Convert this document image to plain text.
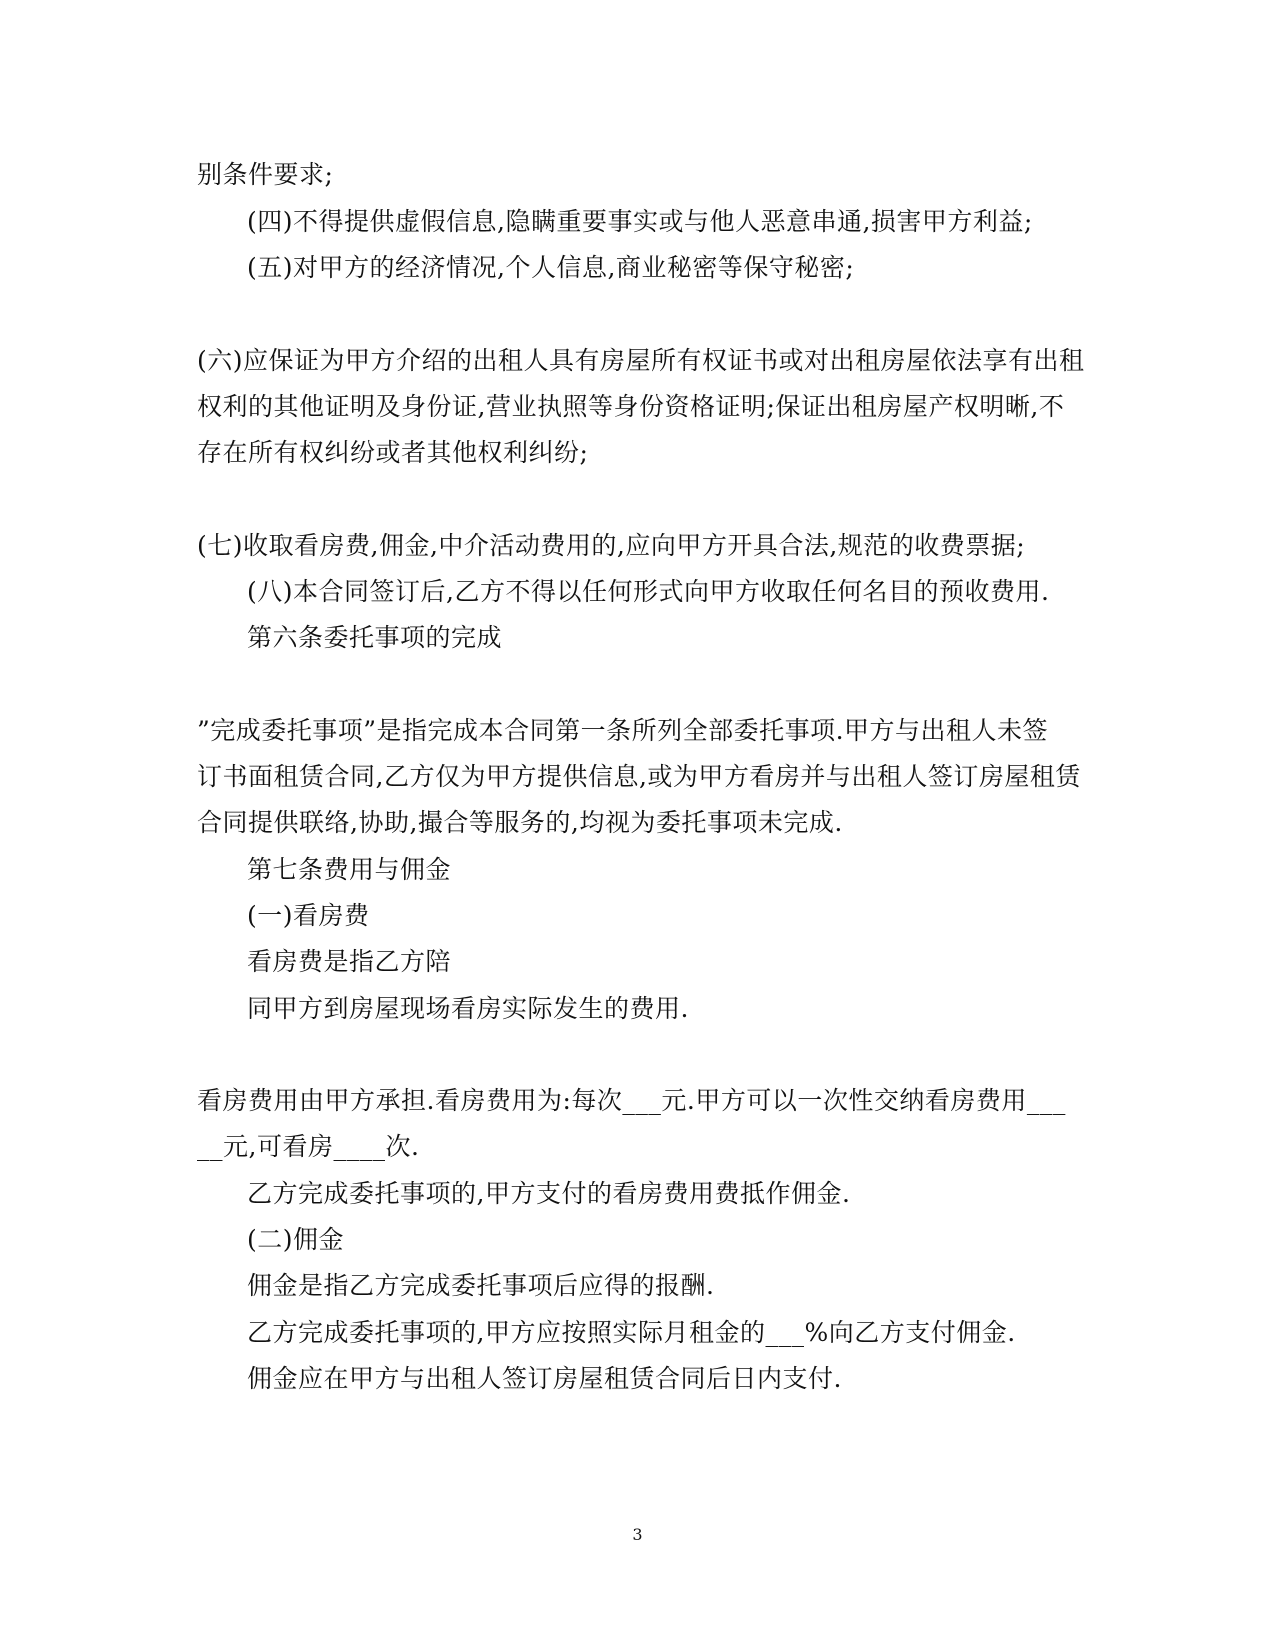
别条件要求;
(四)不得提供虚假信息,隐瞒重要事实或与他人恶意串通,损害甲方利益;
(五)对甲方的经济情况,个人信息,商业秘密等保守秘密;
(六)应保证为甲方介绍的出租人具有房屋所有权证书或对出租房屋依法享有出租
权利的其他证明及身份证,营业执照等身份资格证明;保证出租房屋产权明晰,不
存在所有权纠纷或者其他权利纠纷;
(七)收取看房费,佣金,中介活动费用的,应向甲方开具合法,规范的收费票据;
(八)本合同签订后,乙方不得以任何形式向甲方收取任何名目的预收费用.
第六条委托事项的完成
”完成委托事项”是指完成本合同第一条所列全部委托事项.甲方与出租人未签
订书面租赁合同,乙方仅为甲方提供信息,或为甲方看房并与出租人签订房屋租赁
合同提供联络,协助,撮合等服务的,均视为委托事项未完成.
第七条费用与佣金
(一)看房费
看房费是指乙方陪
同甲方到房屋现场看房实际发生的费用.
看房费用由甲方承担.看房费用为:每次___元.甲方可以一次性交纳看房费用___
__元,可看房____次.
乙方完成委托事项的,甲方支付的看房费用费抵作佣金.
(二)佣金
佣金是指乙方完成委托事项后应得的报酬.
乙方完成委托事项的,甲方应按照实际月租金的___%向乙方支付佣金.
佣金应在甲方与出租人签订房屋租赁合同后日内支付.
3
